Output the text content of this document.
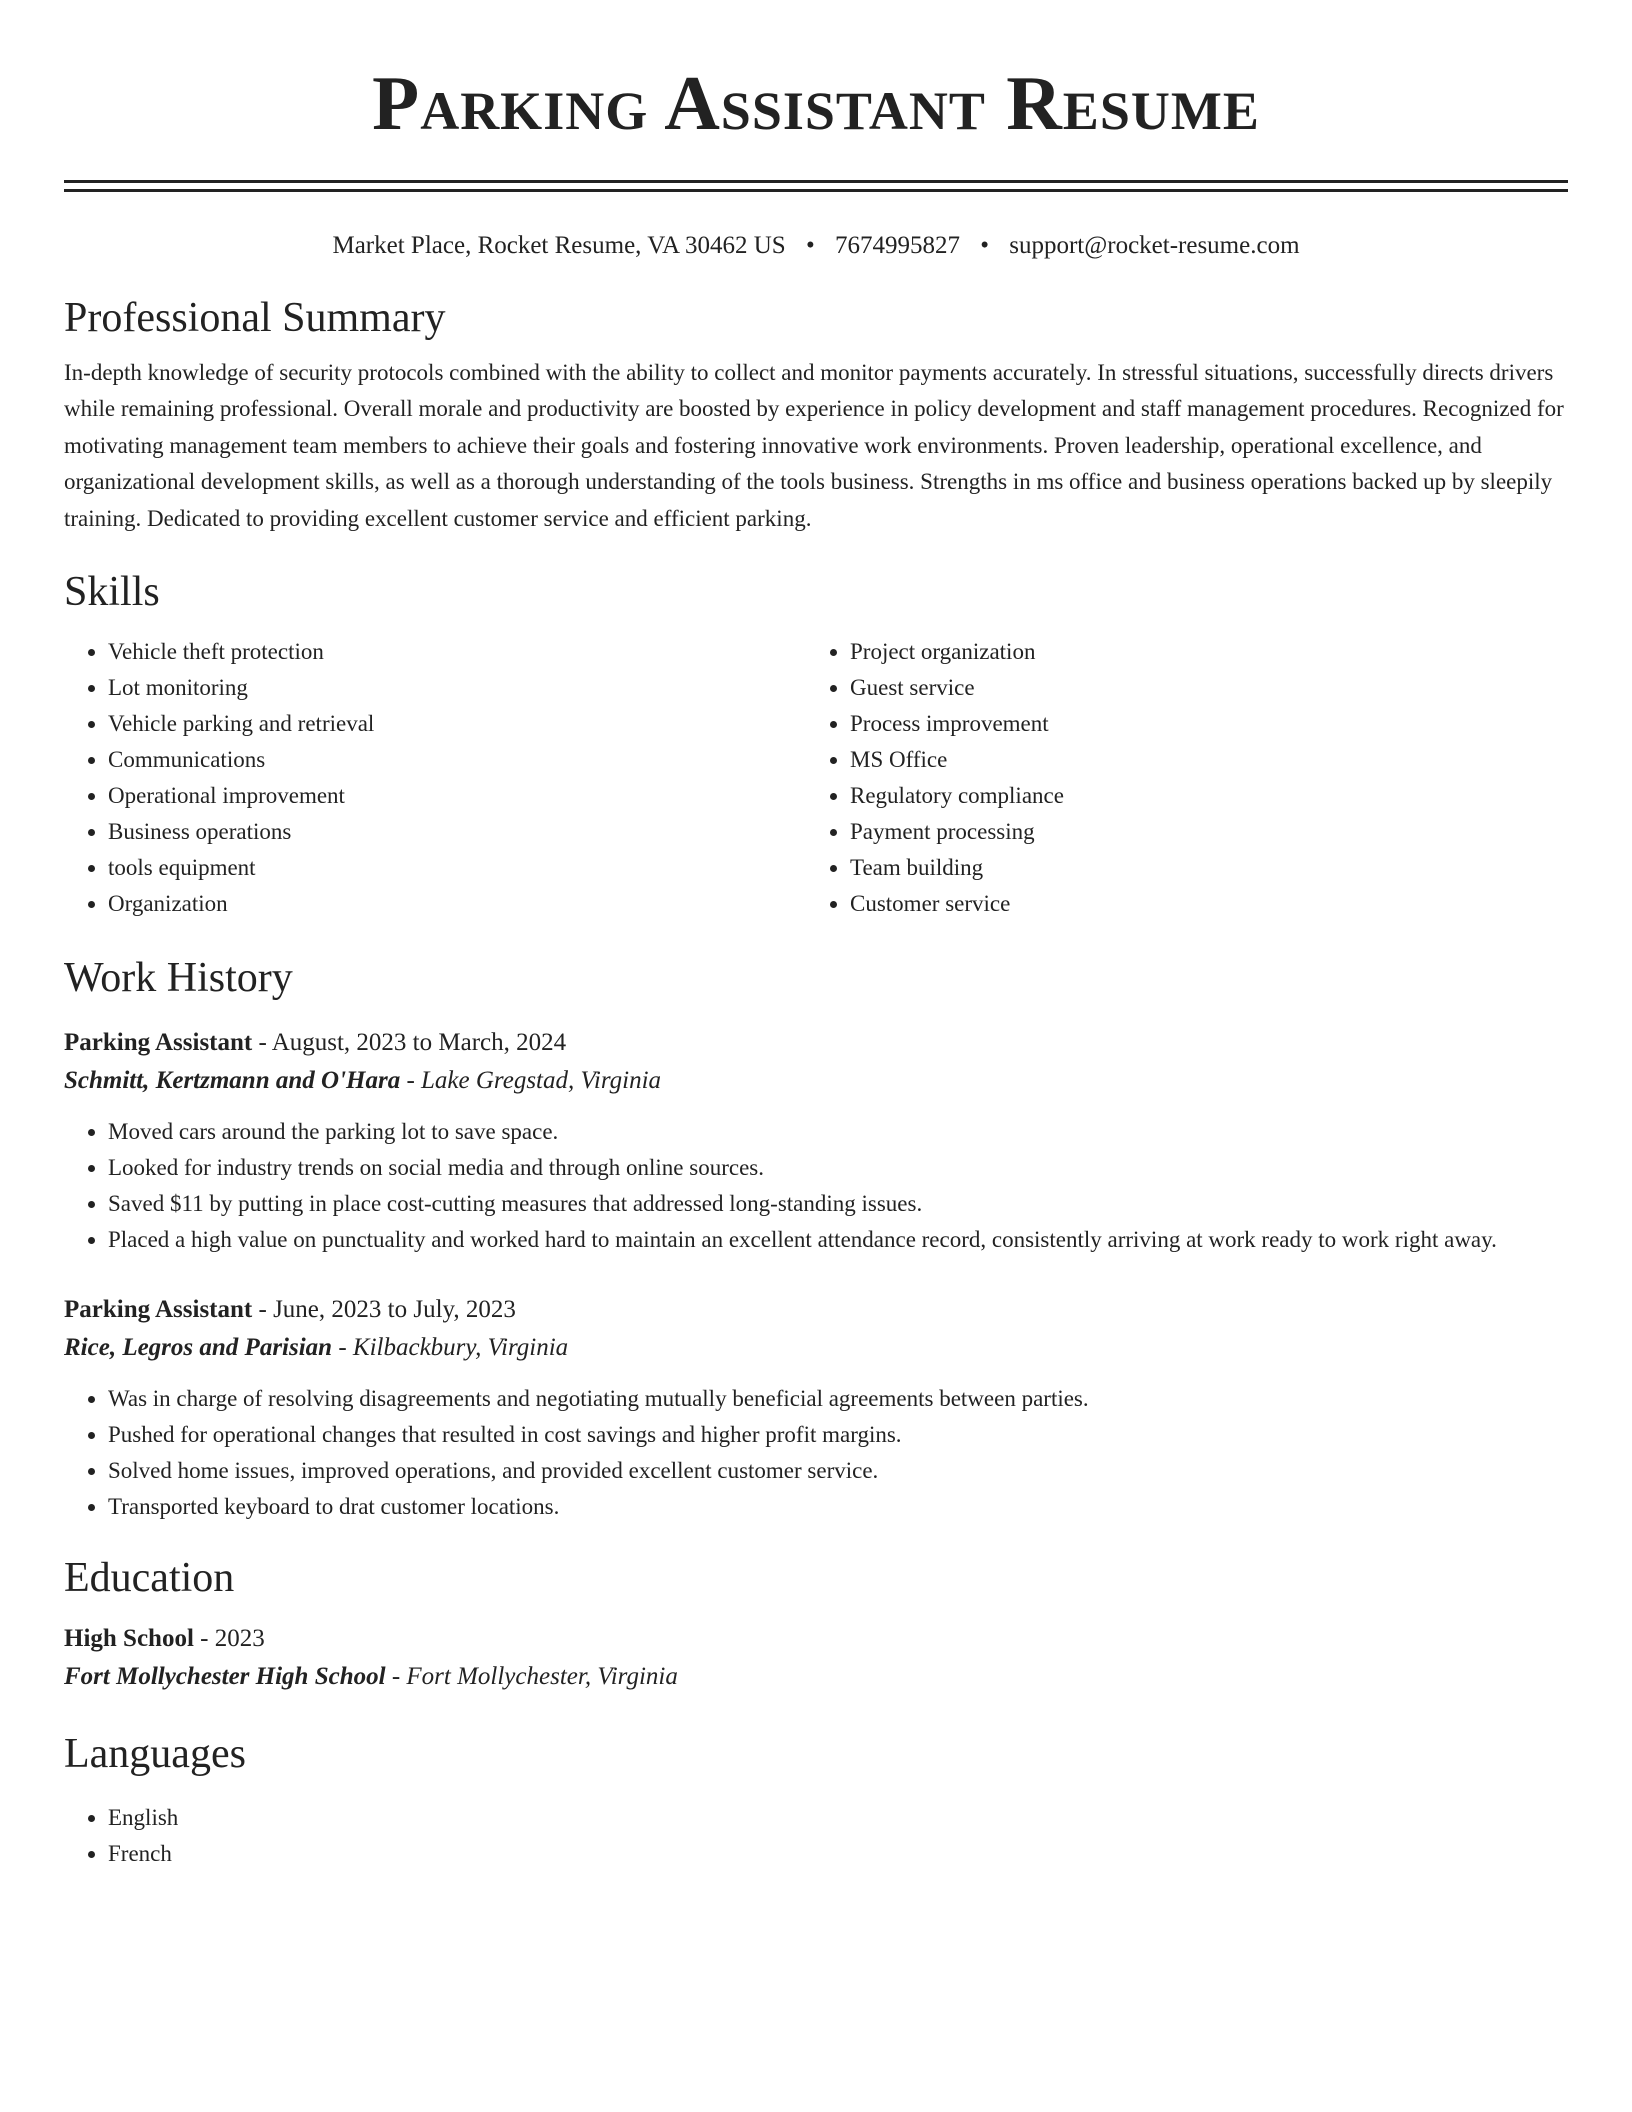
Parking Assistant Resume
Market Place, Rocket Resume, VA 30462 US • 7674995827 • support@rocket-resume.com
Professional Summary
In-depth knowledge of security protocols combined with the ability to collect and monitor payments accurately. In stressful situations, successfully directs drivers while remaining professional. Overall morale and productivity are boosted by experience in policy development and staff management procedures. Recognized for motivating management team members to achieve their goals and fostering innovative work environments. Proven leadership, operational excellence, and organizational development skills, as well as a thorough understanding of the tools business. Strengths in ms office and business operations backed up by sleepily training. Dedicated to providing excellent customer service and efficient parking.
Skills
• Vehicle theft protection
• Lot monitoring
• Vehicle parking and retrieval
• Communications
• Operational improvement
• Business operations
• tools equipment
• Organization
• Project organization
• Guest service
• Process improvement
• MS Office
• Regulatory compliance
• Payment processing
• Team building
• Customer service
Work History
Parking Assistant - August, 2023 to March, 2024
Schmitt, Kertzmann and O'Hara - Lake Gregstad, Virginia
• Moved cars around the parking lot to save space.
• Looked for industry trends on social media and through online sources.
• Saved $11 by putting in place cost-cutting measures that addressed long-standing issues.
• Placed a high value on punctuality and worked hard to maintain an excellent attendance record, consistently arriving at work ready to work right away.
Parking Assistant - June, 2023 to July, 2023
Rice, Legros and Parisian - Kilbackbury, Virginia
• Was in charge of resolving disagreements and negotiating mutually beneficial agreements between parties.
• Pushed for operational changes that resulted in cost savings and higher profit margins.
• Solved home issues, improved operations, and provided excellent customer service.
• Transported keyboard to drat customer locations.
Education
High School - 2023
Fort Mollychester High School - Fort Mollychester, Virginia
Languages
• English
• French
